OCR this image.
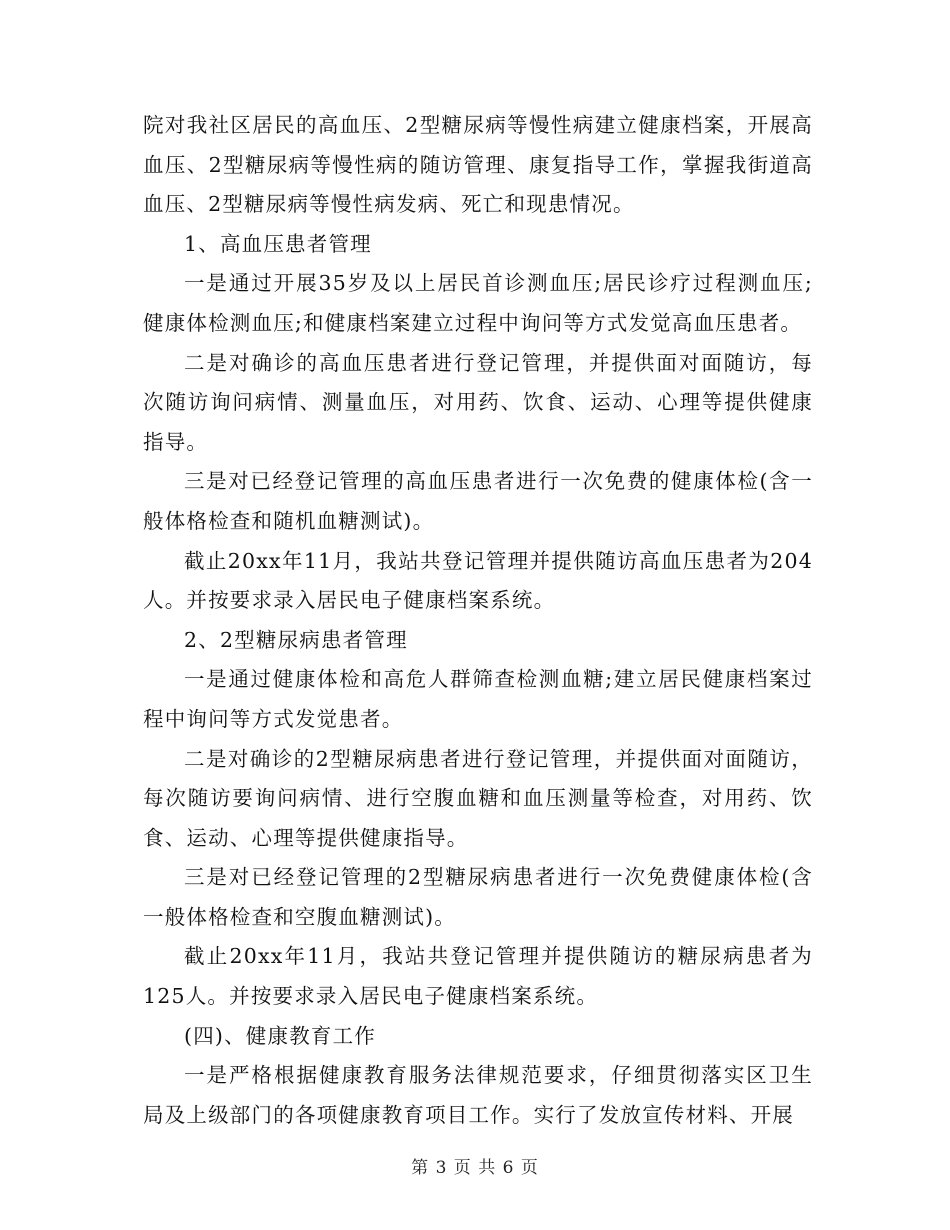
院对我社区居民的高血压、2型糖尿病等慢性病建立健康档案，开展高血压、2型糖尿病等慢性病的随访管理、康复指导工作，掌握我街道高血压、2型糖尿病等慢性病发病、死亡和现患情况。

1、高血压患者管理

一是通过开展35岁及以上居民首诊测血压;居民诊疗过程测血压;健康体检测血压;和健康档案建立过程中询问等方式发觉高血压患者。

二是对确诊的高血压患者进行登记管理，并提供面对面随访，每次随访询问病情、测量血压，对用药、饮食、运动、心理等提供健康指导。

三是对已经登记管理的高血压患者进行一次免费的健康体检(含一般体格检查和随机血糖测试)。

截止20xx年11月，我站共登记管理并提供随访高血压患者为204人。并按要求录入居民电子健康档案系统。

2、2型糖尿病患者管理

一是通过健康体检和高危人群筛查检测血糖;建立居民健康档案过程中询问等方式发觉患者。

二是对确诊的2型糖尿病患者进行登记管理，并提供面对面随访，每次随访要询问病情、进行空腹血糖和血压测量等检查，对用药、饮食、运动、心理等提供健康指导。

三是对已经登记管理的2型糖尿病患者进行一次免费健康体检(含一般体格检查和空腹血糖测试)。

截止20xx年11月，我站共登记管理并提供随访的糖尿病患者为125人。并按要求录入居民电子健康档案系统。

(四)、健康教育工作

一是严格根据健康教育服务法律规范要求，仔细贯彻落实区卫生局及上级部门的各项健康教育项目工作。实行了发放宣传材料、开展

第 3 页 共 6 页
